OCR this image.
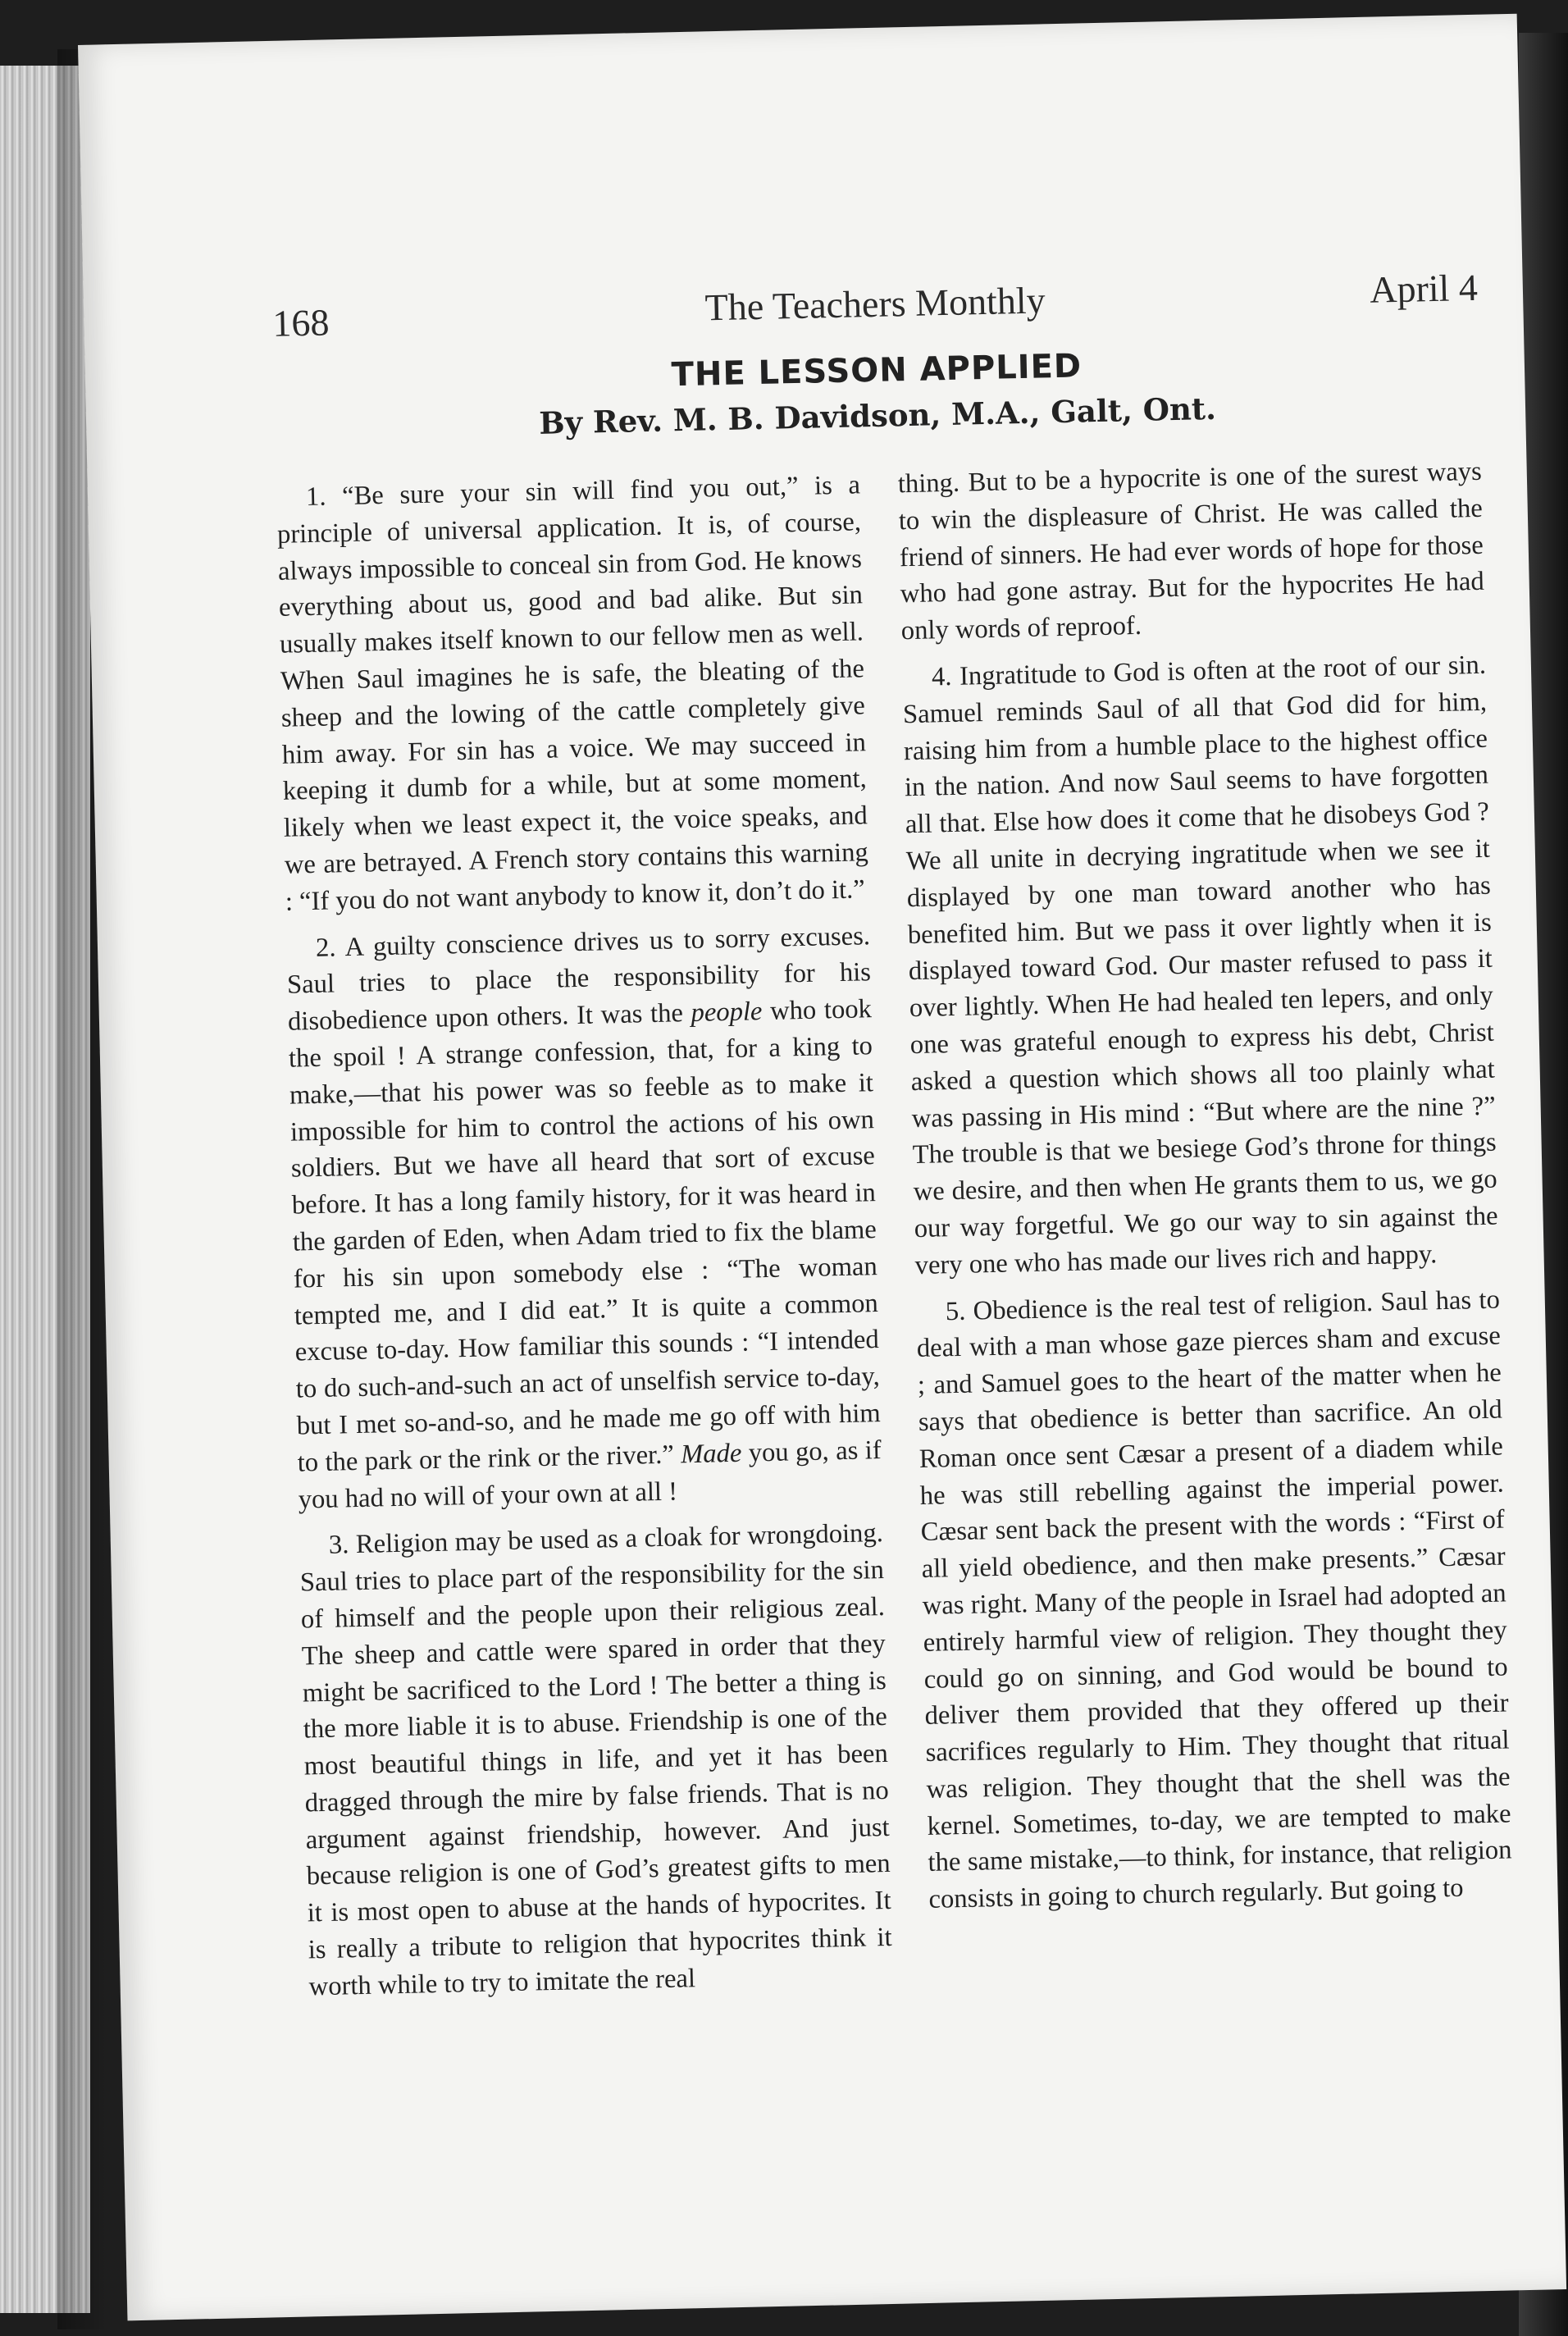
168	The Teachers Monthly	April 4
THE LESSON APPLIED
By Rev. M. B. Davidson, M.A., Galt, Ont.

1. “Be sure your sin will find you out,” is a principle of universal application. It is, of course, always impossible to conceal sin from God. He knows everything about us, good and bad alike. But sin usually makes itself known to our fellow men as well. When Saul imagines he is safe, the bleating of the sheep and the lowing of the cattle completely give him away. For sin has a voice. We may succeed in keeping it dumb for a while, but at some moment, likely when we least expect it, the voice speaks, and we are betrayed. A French story contains this warning : “If you do not want anybody to know it, don’t do it.”

2. A guilty conscience drives us to sorry excuses. Saul tries to place the responsibility for his disobedience upon others. It was the people who took the spoil ! A strange confession, that, for a king to make,—that his power was so feeble as to make it impossible for him to control the actions of his own soldiers. But we have all heard that sort of excuse before. It has a long family history, for it was heard in the garden of Eden, when Adam tried to fix the blame for his sin upon somebody else : “The woman tempted me, and I did eat.” It is quite a common excuse to-day. How familiar this sounds : “I intended to do such-and-such an act of unselfish service to-day, but I met so-and-so, and he made me go off with him to the park or the rink or the river.” Made you go, as if you had no will of your own at all !

3. Religion may be used as a cloak for wrongdoing. Saul tries to place part of the responsibility for the sin of himself and the people upon their religious zeal. The sheep and cattle were spared in order that they might be sacrificed to the Lord ! The better a thing is the more liable it is to abuse. Friendship is one of the most beautiful things in life, and yet it has been dragged through the mire by false friends. That is no argument against friendship, however. And just because religion is one of God’s greatest gifts to men it is most open to abuse at the hands of hypocrites. It is really a tribute to religion that hypocrites think it worth while to try to imitate the real

thing. But to be a hypocrite is one of the surest ways to win the displeasure of Christ. He was called the friend of sinners. He had ever words of hope for those who had gone astray. But for the hypocrites He had only words of reproof.

4. Ingratitude to God is often at the root of our sin. Samuel reminds Saul of all that God did for him, raising him from a humble place to the highest office in the nation. And now Saul seems to have forgotten all that. Else how does it come that he disobeys God ? We all unite in decrying ingratitude when we see it displayed by one man toward another who has benefited him. But we pass it over lightly when it is displayed toward God. Our master refused to pass it over lightly. When He had healed ten lepers, and only one was grateful enough to express his debt, Christ asked a question which shows all too plainly what was passing in His mind : “But where are the nine ?” The trouble is that we besiege God’s throne for things we desire, and then when He grants them to us, we go our way forgetful. We go our way to sin against the very one who has made our lives rich and happy.

5. Obedience is the real test of religion. Saul has to deal with a man whose gaze pierces sham and excuse ; and Samuel goes to the heart of the matter when he says that obedience is better than sacrifice. An old Roman once sent Cæsar a present of a diadem while he was still rebelling against the imperial power. Cæsar sent back the present with the words : “First of all yield obedience, and then make presents.” Cæsar was right. Many of the people in Israel had adopted an entirely harmful view of religion. They thought they could go on sinning, and God would be bound to deliver them provided that they offered up their sacrifices regularly to Him. They thought that ritual was religion. They thought that the shell was the kernel. Sometimes, to-day, we are tempted to make the same mistake,—to think, for instance, that religion consists in going to church regularly. But going to
